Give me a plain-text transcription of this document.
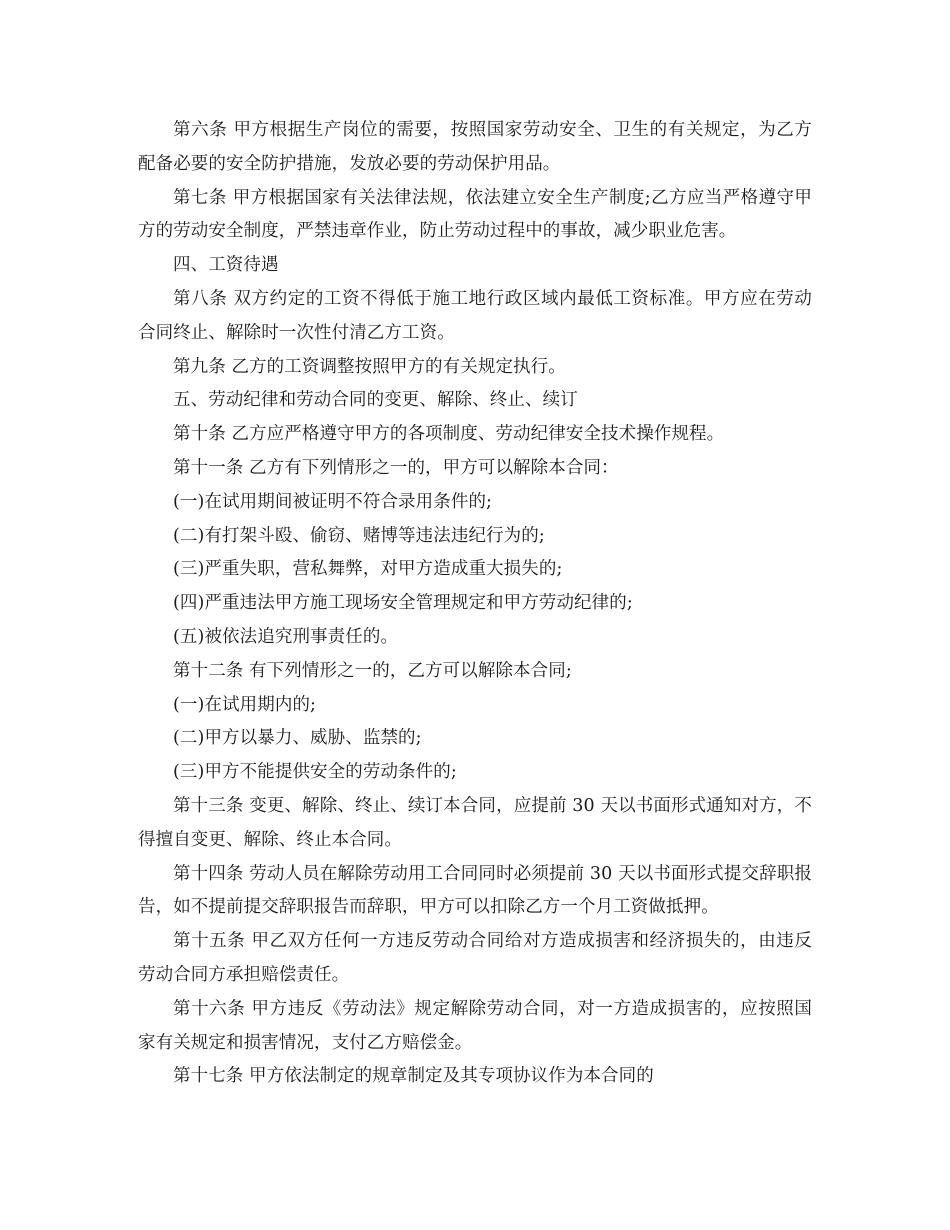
第六条 甲方根据生产岗位的需要，按照国家劳动安全、卫生的有关规定，为乙方配备必要的安全防护措施，发放必要的劳动保护用品。

第七条 甲方根据国家有关法律法规，依法建立安全生产制度;乙方应当严格遵守甲方的劳动安全制度，严禁违章作业，防止劳动过程中的事故，减少职业危害。

四、工资待遇

第八条 双方约定的工资不得低于施工地行政区域内最低工资标准。甲方应在劳动合同终止、解除时一次性付清乙方工资。

第九条 乙方的工资调整按照甲方的有关规定执行。

五、劳动纪律和劳动合同的变更、解除、终止、续订

第十条 乙方应严格遵守甲方的各项制度、劳动纪律安全技术操作规程。

第十一条 乙方有下列情形之一的，甲方可以解除本合同：

(一)在试用期间被证明不符合录用条件的;

(二)有打架斗殴、偷窃、赌博等违法违纪行为的;

(三)严重失职，营私舞弊，对甲方造成重大损失的;

(四)严重违法甲方施工现场安全管理规定和甲方劳动纪律的;

(五)被依法追究刑事责任的。

第十二条 有下列情形之一的，乙方可以解除本合同;

(一)在试用期内的;

(二)甲方以暴力、威胁、监禁的;

(三)甲方不能提供安全的劳动条件的;

第十三条 变更、解除、终止、续订本合同，应提前 30 天以书面形式通知对方，不得擅自变更、解除、终止本合同。

第十四条 劳动人员在解除劳动用工合同同时必须提前 30 天以书面形式提交辞职报告，如不提前提交辞职报告而辞职，甲方可以扣除乙方一个月工资做抵押。

第十五条 甲乙双方任何一方违反劳动合同给对方造成损害和经济损失的，由违反劳动合同方承担赔偿责任。

第十六条 甲方违反《劳动法》规定解除劳动合同，对一方造成损害的，应按照国家有关规定和损害情况，支付乙方赔偿金。

第十七条 甲方依法制定的规章制定及其专项协议作为本合同的
